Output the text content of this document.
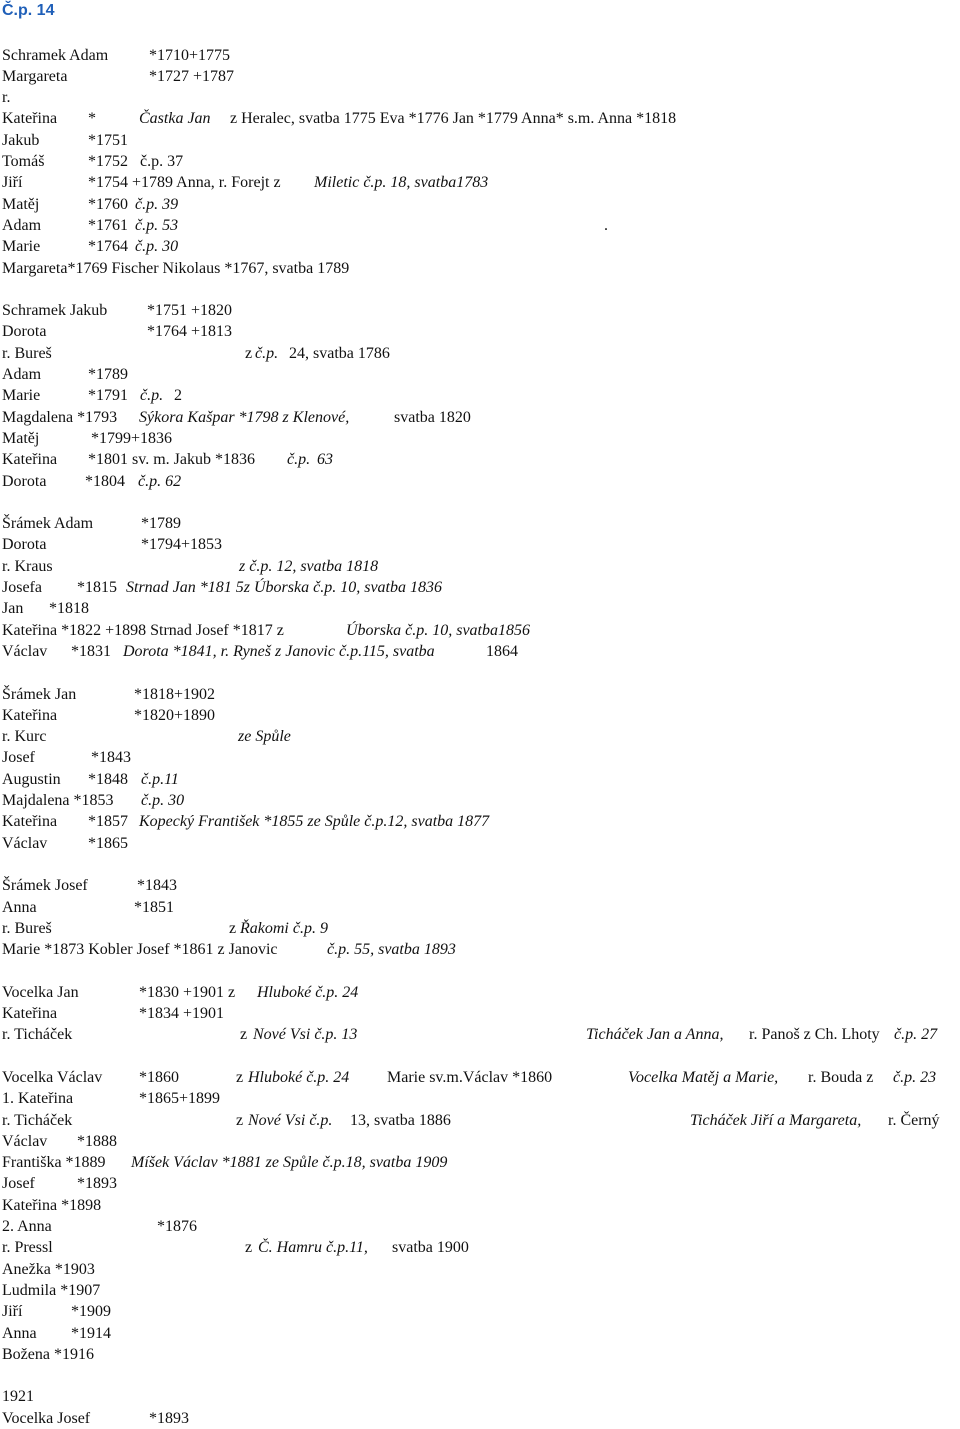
Č.p. 14
Schramek Adam	*1710+1775
Margareta	*1727 +1787
r.
Kateřina *	Častka Jan z Heralec, svatba 1775 Eva *1776 Jan *1779 Anna* s.m. Anna *1818
Jakub	*1751
Tomáš	*1752 č.p. 37
Jiří	*1754 +1789 Anna, r. Forejt z Miletic č.p. 18, svatba1783
Matěj	*1760 č.p. 39
Adam	*1761 č.p. 53	.
Marie	*1764 č.p. 30
Margareta*1769 Fischer Nikolaus *1767, svatba 1789
Schramek Jakub *1751 +1820
Dorota	*1764 +1813
r. Bureš	z č.p. 24, svatba 1786
Adam	*1789
Marie	*1791 č.p. 2
Magdalena *1793 Sýkora Kašpar *1798 z Klenové,	svatba 1820
Matěj	*1799+1836
Kateřina *1801 sv. m. Jakub *1836 č.p. 63
Dorota *1804 č.p. 62
Šrámek Adam	*1789
Dorota	*1794+1853
r. Kraus	z č.p. 12, svatba 1818
Josefa *1815 Strnad Jan *181 5z Úborska č.p. 10, svatba 1836
Jan *1818
Kateřina *1822 +1898 Strnad Josef *1817 z	Úborska č.p. 10, svatba1856
Václav *1831 Dorota *1841, r. Ryneš z Janovic č.p.115, svatba	1864
Šrámek Jan	*1818+1902
Kateřina	*1820+1890
r. Kurc	ze Spůle
Josef	*1843
Augustin *1848 č.p.11
Majdalena *1853 č.p. 30
Kateřina *1857 Kopecký František *1855 ze Spůle č.p.12, svatba 1877
Václav	*1865
Šrámek Josef	*1843
Anna	*1851
r. Bureš	z Řakomi č.p. 9
Marie *1873 Kobler Josef *1861 z Janovic	č.p. 55, svatba 1893
Vocelka Jan	*1830 +1901 z Hluboké č.p. 24
Kateřina	*1834 +1901
r. Ticháček	z Nové Vsi č.p. 13	Ticháček Jan a Anna, r. Panoš z Ch. Lhoty č.p. 27
Vocelka Václav *1860	z Hluboké č.p. 24 Marie sv.m.Václav *1860	Vocelka Matěj a Marie, r. Bouda z č.p. 23
1. Kateřina	*1865+1899
r. Ticháček	z Nové Vsi č.p. 13, svatba 1886	Ticháček Jiří a Margareta, r. Černý
Václav *1888
Františka *1889 Míšek Václav *1881 ze Spůle č.p.18, svatba 1909
Josef	*1893
Kateřina *1898
2. Anna	*1876
r. Pressl	z Č. Hamru č.p.11, svatba 1900
Anežka *1903
Ludmila *1907
Jiří	*1909
Anna *1914
Božena *1916
1921
Vocelka Josef	*1893
